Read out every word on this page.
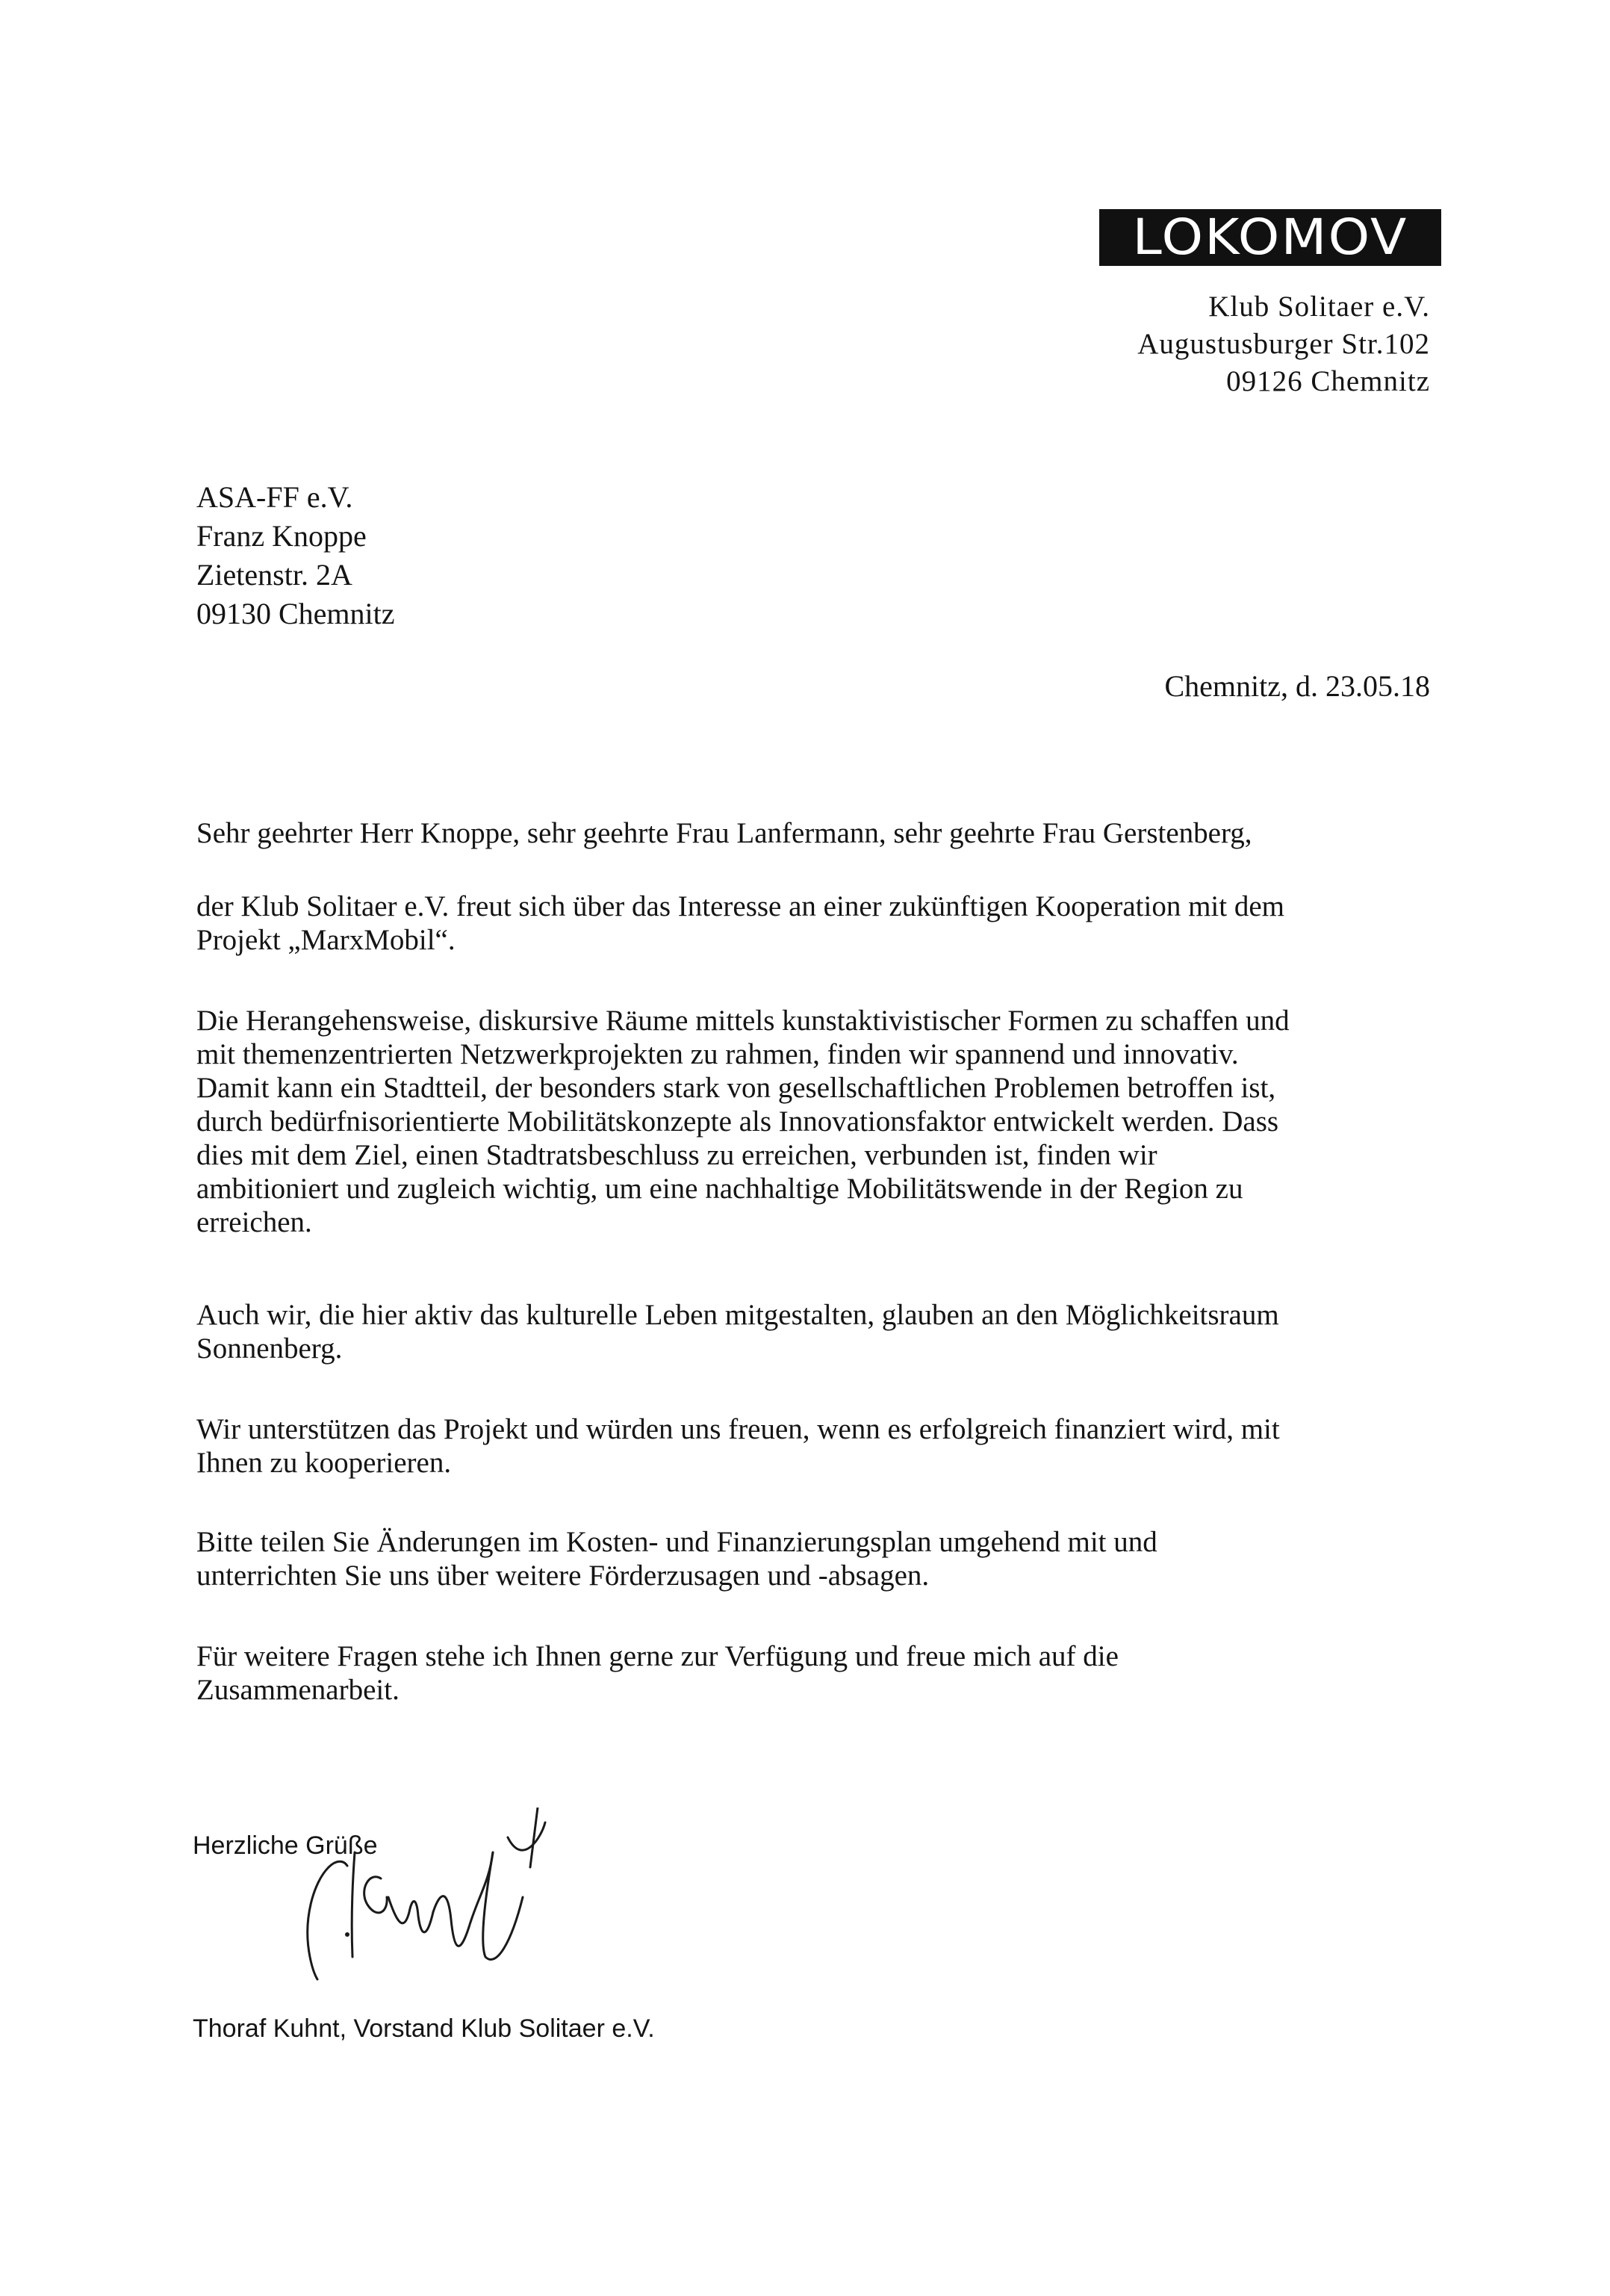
LOKOMOV
Klub Solitaer e.V.
Augustusburger Str.102
09126 Chemnitz
ASA-FF e.V.
Franz Knoppe
Zietenstr. 2A
09130 Chemnitz
Chemnitz, d. 23.05.18

Sehr geehrter Herr Knoppe, sehr geehrte Frau Lanfermann, sehr geehrte Frau Gerstenberg,

der Klub Solitaer e.V. freut sich über das Interesse an einer zukünftigen Kooperation mit dem
Projekt „MarxMobil“.
Die Herangehensweise, diskursive Räume mittels kunstaktivistischer Formen zu schaffen und
mit themenzentrierten Netzwerkprojekten zu rahmen, finden wir spannend und innovativ.
Damit kann ein Stadtteil, der besonders stark von gesellschaftlichen Problemen betroffen ist,
durch bedürfnisorientierte Mobilitätskonzepte als Innovationsfaktor entwickelt werden. Dass
dies mit dem Ziel, einen Stadtratsbeschluss zu erreichen, verbunden ist, finden wir
ambitioniert und zugleich wichtig, um eine nachhaltige Mobilitätswende in der Region zu
erreichen.
Auch wir, die hier aktiv das kulturelle Leben mitgestalten, glauben an den Möglichkeitsraum
Sonnenberg.
Wir unterstützen das Projekt und würden uns freuen, wenn es erfolgreich finanziert wird, mit
Ihnen zu kooperieren.
Bitte teilen Sie Änderungen im Kosten- und Finanzierungsplan umgehend mit und
unterrichten Sie uns über weitere Förderzusagen und -absagen.
Für weitere Fragen stehe ich Ihnen gerne zur Verfügung und freue mich auf die
Zusammenarbeit.
Herzliche Grüße
Thoraf Kuhnt, Vorstand Klub Solitaer e.V.
